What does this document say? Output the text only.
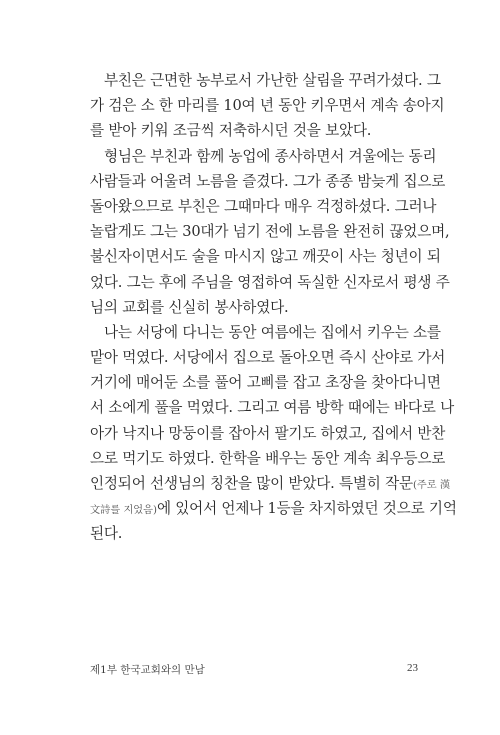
부친은 근면한 농부로서 가난한 살림을 꾸려가셨다. 그
가 검은 소 한 마리를 10여 년 동안 키우면서 계속 송아지
를 받아 키워 조금씩 저축하시던 것을 보았다.
형님은 부친과 함께 농업에 종사하면서 겨울에는 동리
사람들과 어울려 노름을 즐겼다. 그가 종종 밤늦게 집으로
돌아왔으므로 부친은 그때마다 매우 걱정하셨다. 그러나
놀랍게도 그는 30대가 넘기 전에 노름을 완전히 끊었으며,
불신자이면서도 술을 마시지 않고 깨끗이 사는 청년이 되
었다. 그는 후에 주님을 영접하여 독실한 신자로서 평생 주
님의 교회를 신실히 봉사하였다.
나는 서당에 다니는 동안 여름에는 집에서 키우는 소를
맡아 먹였다. 서당에서 집으로 돌아오면 즉시 산야로 가서
거기에 매어둔 소를 풀어 고삐를 잡고 초장을 찾아다니면
서 소에게 풀을 먹였다. 그리고 여름 방학 때에는 바다로 나
아가 낙지나 망둥이를 잡아서 팔기도 하였고, 집에서 반찬
으로 먹기도 하였다. 한학을 배우는 동안 계속 최우등으로
인정되어 선생님의 칭찬을 많이 받았다. 특별히 작문(주로 漢
文詩를 지었음)에 있어서 언제나 1등을 차지하였던 것으로 기억
된다.
제1부 한국교회와의 만남	23
